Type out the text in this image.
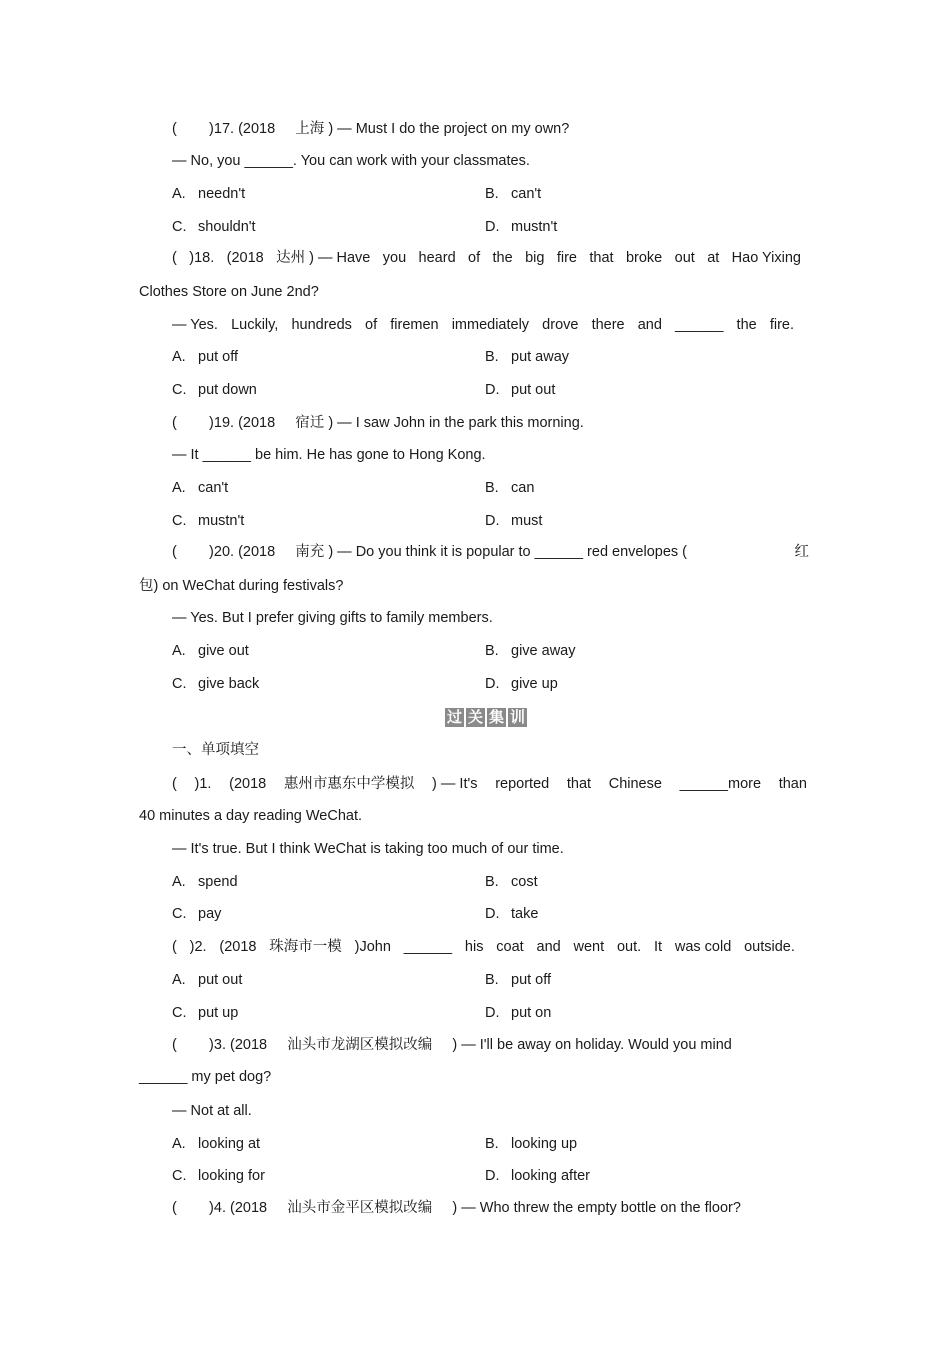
(        )17. (2018     上海 ) — Must I do the project on my own?
— No, you ______. You can work with your classmates.
A. needn't	B. can't
C. shouldn't	D. mustn't
( )18. (2018 达州 ) — Have you heard of the big fire that broke out at Hao Yixing
Clothes Store on June 2nd?
— Yes. Luckily, hundreds of firemen immediately drove there and ______ the fire.
A. put off	B. put away
C. put down	D. put out
(        )19. (2018     宿迁 ) — I saw John in the park this morning.
— It ______ be him. He has gone to Hong Kong.
A. can't	B. can
C. mustn't	D. must
(        )20. (2018     南充 ) — Do you think it is popular to ______ red envelopes (	红
包) on WeChat during festivals?
— Yes. But I prefer giving gifts to family members.
A. give out	B. give away
C. give back	D. give up
过 关 集 训
一、单项填空
( )1. (2018 惠州市惠东中学模拟 ) — It's reported that Chinese ______more than
40 minutes a day reading WeChat.
— It's true. But I think WeChat is taking too much of our time.
A. spend	B. cost
C. pay	D. take
( )2. (2018 珠海市一模 )John ______ his coat and went out. It was cold outside.
A. put out	B. put off
C. put up	D. put on
(        )3. (2018     汕头市龙湖区模拟改编     ) — I'll be away on holiday. Would you mind
______ my pet dog?
— Not at all.
A. looking at	B. looking up
C. looking for	D. looking after
(        )4. (2018     汕头市金平区模拟改编     ) — Who threw the empty bottle on the floor?
